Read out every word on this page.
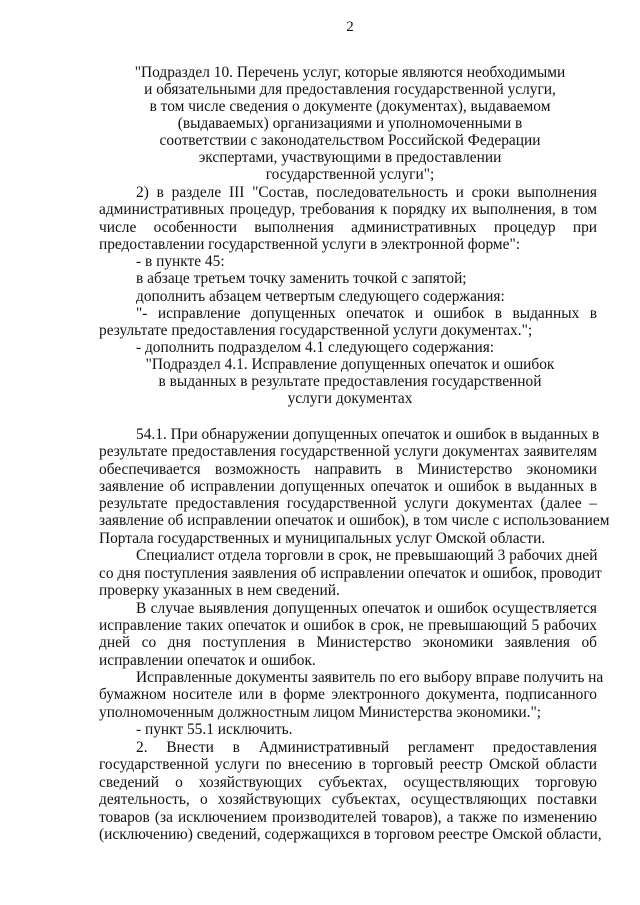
2
"Подраздел 10. Перечень услуг, которые являются необходимыми
и обязательными для предоставления государственной услуги,
в том числе сведения о документе (документах), выдаваемом
(выдаваемых) организациями и уполномоченными в
соответствии с законодательством Российской Федерации
экспертами, участвующими в предоставлении
государственной услуги";
2) в разделе III "Состав, последовательность и сроки выполнения
административных процедур, требования к порядку их выполнения, в том
числе особенности выполнения административных процедур при
предоставлении государственной услуги в электронной форме":
- в пункте 45:
в абзаце третьем точку заменить точкой с запятой;
дополнить абзацем четвертым следующего содержания:
"- исправление допущенных опечаток и ошибок в выданных в
результате предоставления государственной услуги документах.";
- дополнить подразделом 4.1 следующего содержания:
"Подраздел 4.1. Исправление допущенных опечаток и ошибок
в выданных в результате предоставления государственной
услуги документах
54.1. При обнаружении допущенных опечаток и ошибок в выданных в
результате предоставления государственной услуги документах заявителям
обеспечивается возможность направить в Министерство экономики
заявление об исправлении допущенных опечаток и ошибок в выданных в
результате предоставления государственной услуги документах (далее –
заявление об исправлении опечаток и ошибок), в том числе с использованием
Портала государственных и муниципальных услуг Омской области.
Специалист отдела торговли в срок, не превышающий 3 рабочих дней
со дня поступления заявления об исправлении опечаток и ошибок, проводит
проверку указанных в нем сведений.
В случае выявления допущенных опечаток и ошибок осуществляется
исправление таких опечаток и ошибок в срок, не превышающий 5 рабочих
дней со дня поступления в Министерство экономики заявления об
исправлении опечаток и ошибок.
Исправленные документы заявитель по его выбору вправе получить на
бумажном носителе или в форме электронного документа, подписанного
уполномоченным должностным лицом Министерства экономики.";
- пункт 55.1 исключить.
2. Внести в Административный регламент предоставления
государственной услуги по внесению в торговый реестр Омской области
сведений о хозяйствующих субъектах, осуществляющих торговую
деятельность, о хозяйствующих субъектах, осуществляющих поставки
товаров (за исключением производителей товаров), а также по изменению
(исключению) сведений, содержащихся в торговом реестре Омской области,
